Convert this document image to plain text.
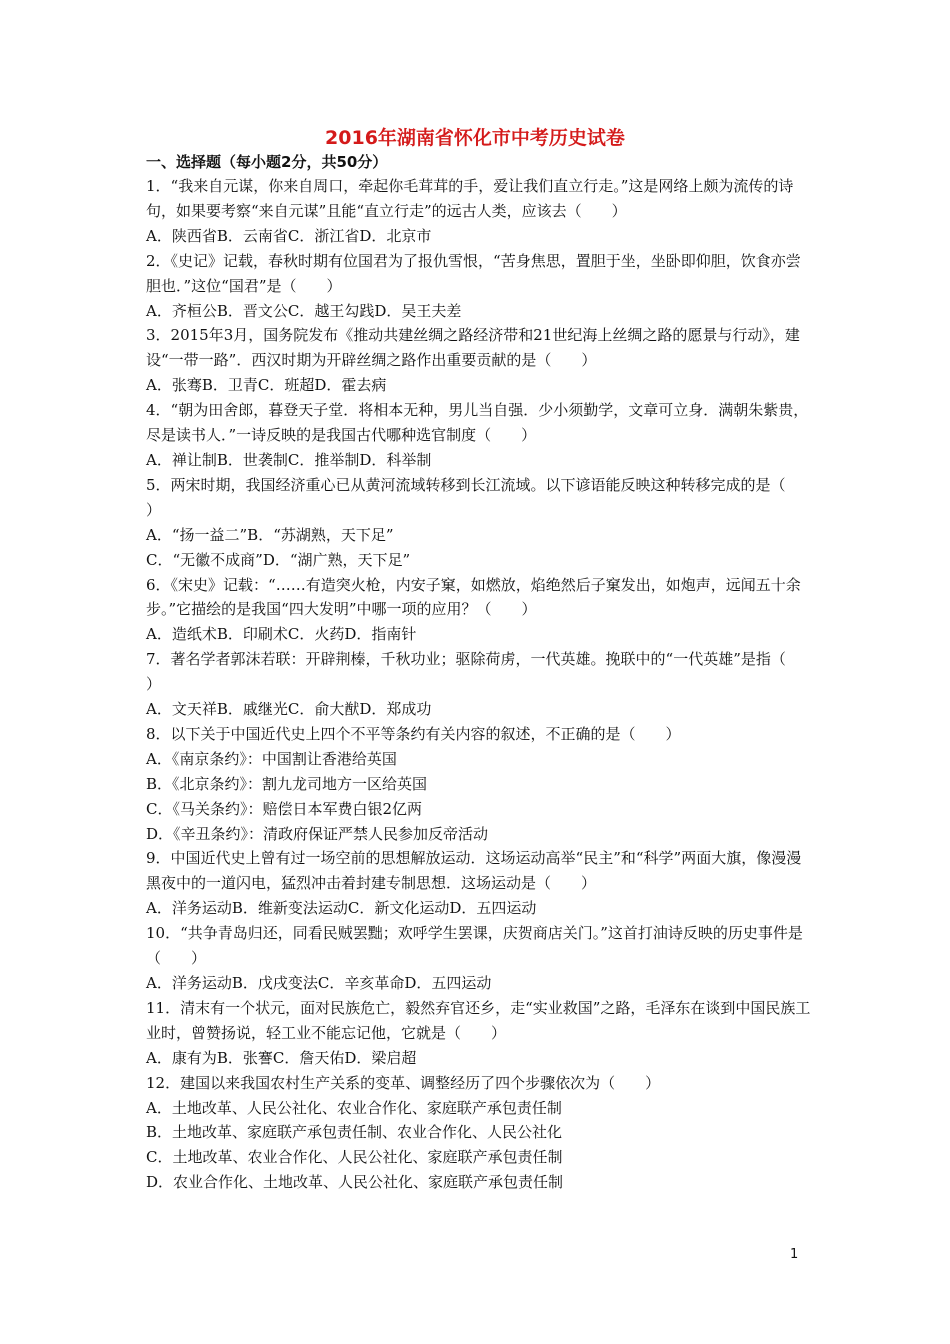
2016年湖南省怀化市中考历史试卷
一、选择题（每小题2分，共50分）

1．“我来自元谋，你来自周口，牵起你毛茸茸的手，爱让我们直立行走。”这是网络上颇为流传的诗句，如果要考察“来自元谋”且能“直立行走”的远古人类，应该去（　　）

A．陕西省B．云南省C．浙江省D．北京市

2．《史记》记载，春秋时期有位国君为了报仇雪恨，“苦身焦思，置胆于坐，坐卧即仰胆，饮食亦尝胆也．”这位“国君”是（　　）

A．齐桓公B．晋文公C．越王勾践D．吴王夫差

3．2015年3月，国务院发布《推动共建丝绸之路经济带和21世纪海上丝绸之路的愿景与行动》，建设“一带一路”．西汉时期为开辟丝绸之路作出重要贡献的是（　　）

A．张骞B．卫青C．班超D．霍去病

4．“朝为田舍郎，暮登天子堂．将相本无种，男儿当自强．少小须勤学，文章可立身．满朝朱紫贵，尽是读书人．”一诗反映的是我国古代哪种选官制度（　　）

A．禅让制B．世袭制C．推举制D．科举制

5．两宋时期，我国经济重心已从黄河流域转移到长江流域。以下谚语能反映这种转移完成的是（　　）

A．“扬一益二”B．“苏湖熟，天下足”

C．“无徽不成商”D．“湖广熟，天下足”

6．《宋史》记载：“……有造突火枪，内安子窠，如燃放，焰绝然后子窠发出，如炮声，远闻五十余步。”它描绘的是我国“四大发明”中哪一项的应用？（　　）

A．造纸术B．印刷术C．火药D．指南针

7．著名学者郭沫若联：开辟荆榛，千秋功业；驱除荷虏，一代英雄。挽联中的“一代英雄”是指（　　）

A．文天祥B．戚继光C．俞大猷D．郑成功

8．以下关于中国近代史上四个不平等条约有关内容的叙述，不正确的是（　　）

A．《南京条约》：中国割让香港给英国

B．《北京条约》：割九龙司地方一区给英国

C．《马关条约》：赔偿日本军费白银2亿两

D．《辛丑条约》：清政府保证严禁人民参加反帝活动

9．中国近代史上曾有过一场空前的思想解放运动．这场运动高举“民主”和“科学”两面大旗，像漫漫黑夜中的一道闪电，猛烈冲击着封建专制思想．这场运动是（　　）

A．洋务运动B．维新变法运动C．新文化运动D．五四运动

10．“共争青岛归还，同看民贼罢黜；欢呼学生罢课，庆贺商店关门。”这首打油诗反映的历史事件是（　　）

A．洋务运动B．戊戌变法C．辛亥革命D．五四运动

11．清末有一个状元，面对民族危亡，毅然弃官还乡，走“实业救国”之路，毛泽东在谈到中国民族工业时，曾赞扬说，轻工业不能忘记他，它就是（　　）

A．康有为B．张謇C．詹天佑D．梁启超

12．建国以来我国农村生产关系的变革、调整经历了四个步骤依次为（　　）

A．土地改革、人民公社化、农业合作化、家庭联产承包责任制

B．土地改革、家庭联产承包责任制、农业合作化、人民公社化

C．土地改革、农业合作化、人民公社化、家庭联产承包责任制

D．农业合作化、土地改革、人民公社化、家庭联产承包责任制

1
